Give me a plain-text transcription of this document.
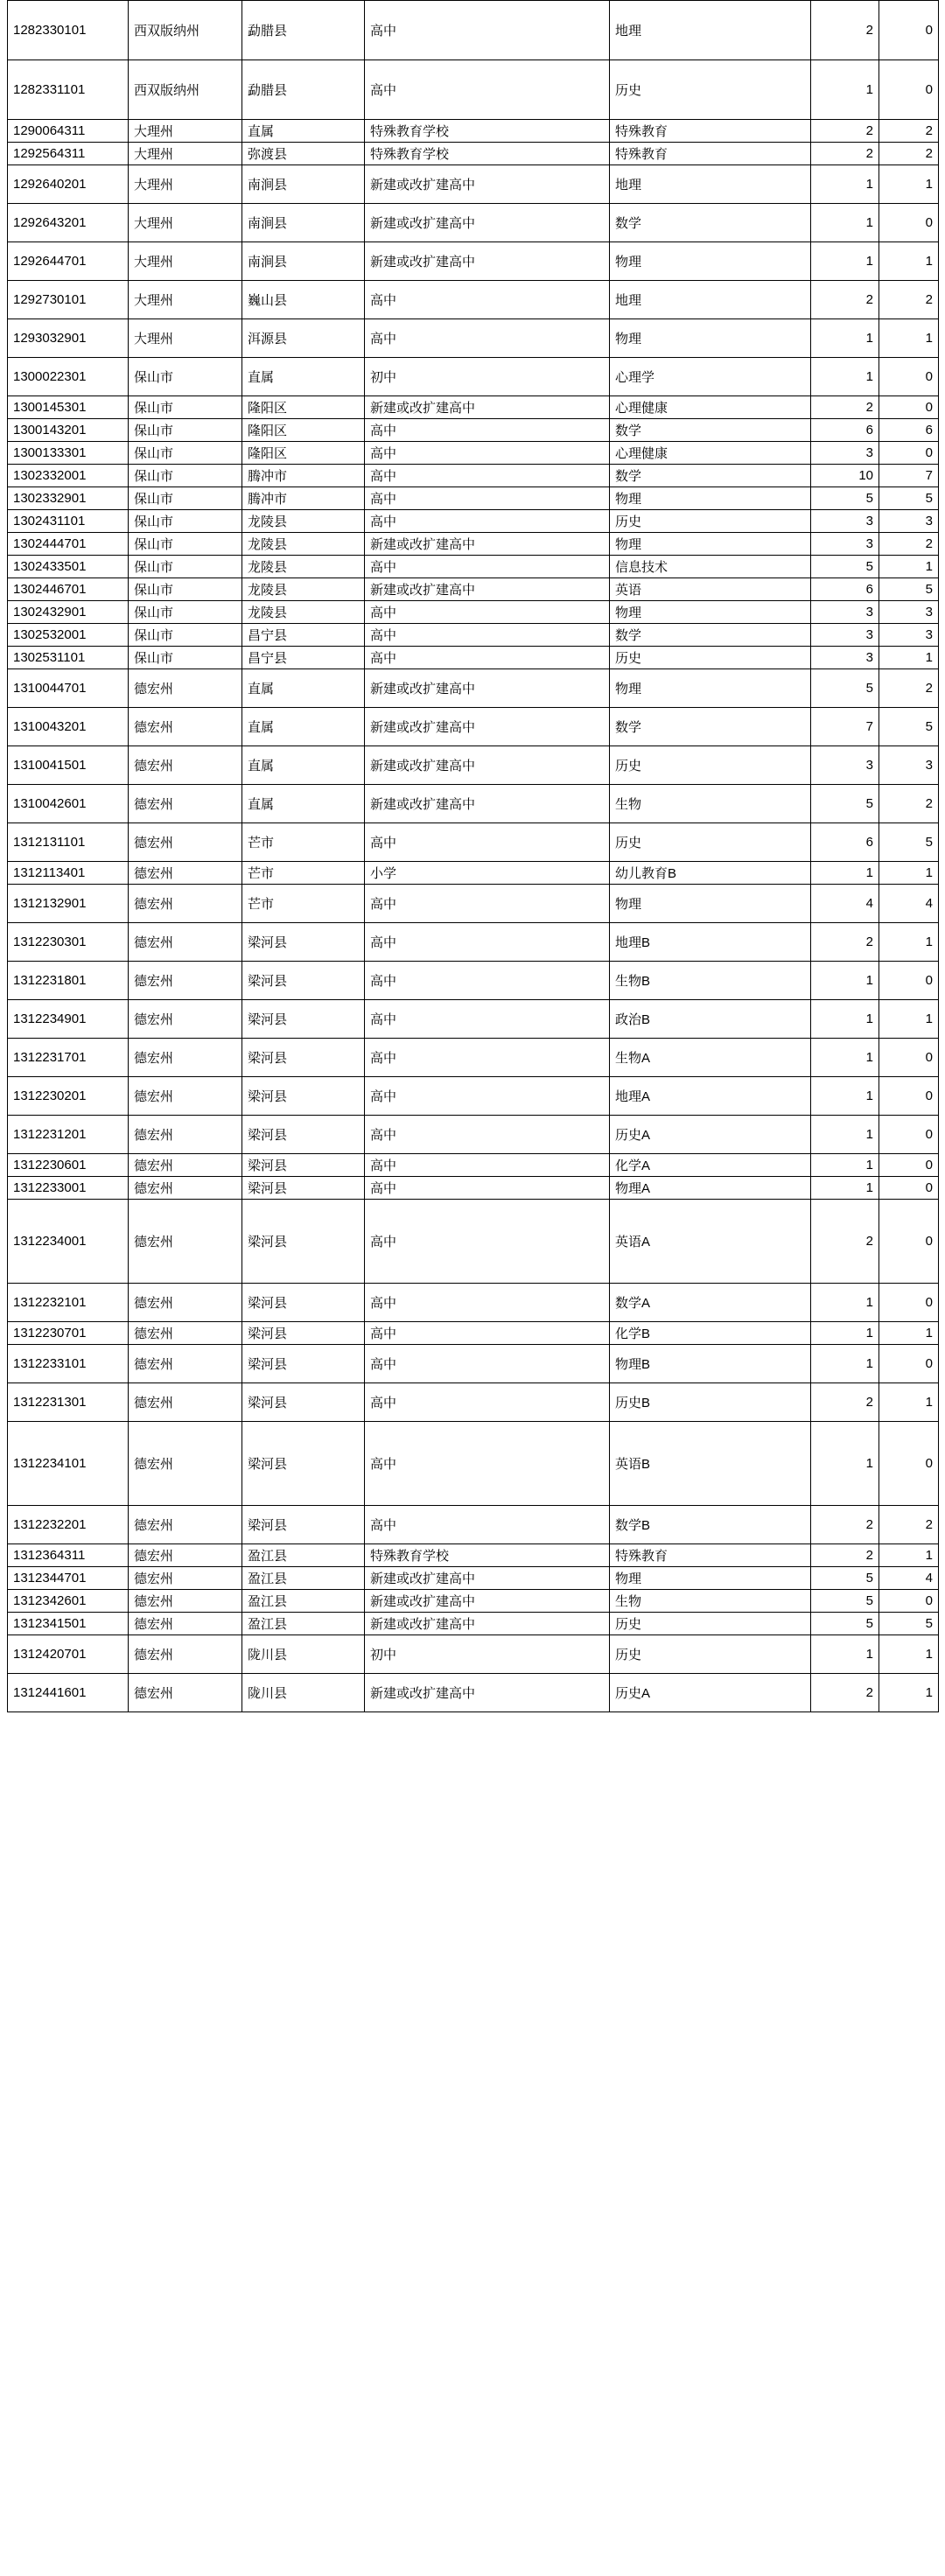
1282330101	西双版纳州	勐腊县	高中	地理	2	0
1282331101	西双版纳州	勐腊县	高中	历史	1	0
1290064311	大理州	直属	特殊教育学校	特殊教育	2	2
1292564311	大理州	弥渡县	特殊教育学校	特殊教育	2	2
1292640201	大理州	南涧县	新建或改扩建高中	地理	1	1
1292643201	大理州	南涧县	新建或改扩建高中	数学	1	0
1292644701	大理州	南涧县	新建或改扩建高中	物理	1	1
1292730101	大理州	巍山县	高中	地理	2	2
1293032901	大理州	洱源县	高中	物理	1	1
1300022301	保山市	直属	初中	心理学	1	0
1300145301	保山市	隆阳区	新建或改扩建高中	心理健康	2	0
1300143201	保山市	隆阳区	高中	数学	6	6
1300133301	保山市	隆阳区	高中	心理健康	3	0
1302332001	保山市	腾冲市	高中	数学	10	7
1302332901	保山市	腾冲市	高中	物理	5	5
1302431101	保山市	龙陵县	高中	历史	3	3
1302444701	保山市	龙陵县	新建或改扩建高中	物理	3	2
1302433501	保山市	龙陵县	高中	信息技术	5	1
1302446701	保山市	龙陵县	新建或改扩建高中	英语	6	5
1302432901	保山市	龙陵县	高中	物理	3	3
1302532001	保山市	昌宁县	高中	数学	3	3
1302531101	保山市	昌宁县	高中	历史	3	1
1310044701	德宏州	直属	新建或改扩建高中	物理	5	2
1310043201	德宏州	直属	新建或改扩建高中	数学	7	5
1310041501	德宏州	直属	新建或改扩建高中	历史	3	3
1310042601	德宏州	直属	新建或改扩建高中	生物	5	2
1312131101	德宏州	芒市	高中	历史	6	5
1312113401	德宏州	芒市	小学	幼儿教育B	1	1
1312132901	德宏州	芒市	高中	物理	4	4
1312230301	德宏州	梁河县	高中	地理B	2	1
1312231801	德宏州	梁河县	高中	生物B	1	0
1312234901	德宏州	梁河县	高中	政治B	1	1
1312231701	德宏州	梁河县	高中	生物A	1	0
1312230201	德宏州	梁河县	高中	地理A	1	0
1312231201	德宏州	梁河县	高中	历史A	1	0
1312230601	德宏州	梁河县	高中	化学A	1	0
1312233001	德宏州	梁河县	高中	物理A	1	0
1312234001	德宏州	梁河县	高中	英语A	2	0
1312232101	德宏州	梁河县	高中	数学A	1	0
1312230701	德宏州	梁河县	高中	化学B	1	1
1312233101	德宏州	梁河县	高中	物理B	1	0
1312231301	德宏州	梁河县	高中	历史B	2	1
1312234101	德宏州	梁河县	高中	英语B	1	0
1312232201	德宏州	梁河县	高中	数学B	2	2
1312364311	德宏州	盈江县	特殊教育学校	特殊教育	2	1
1312344701	德宏州	盈江县	新建或改扩建高中	物理	5	4
1312342601	德宏州	盈江县	新建或改扩建高中	生物	5	0
1312341501	德宏州	盈江县	新建或改扩建高中	历史	5	5
1312420701	德宏州	陇川县	初中	历史	1	1
1312441601	德宏州	陇川县	新建或改扩建高中	历史A	2	1
